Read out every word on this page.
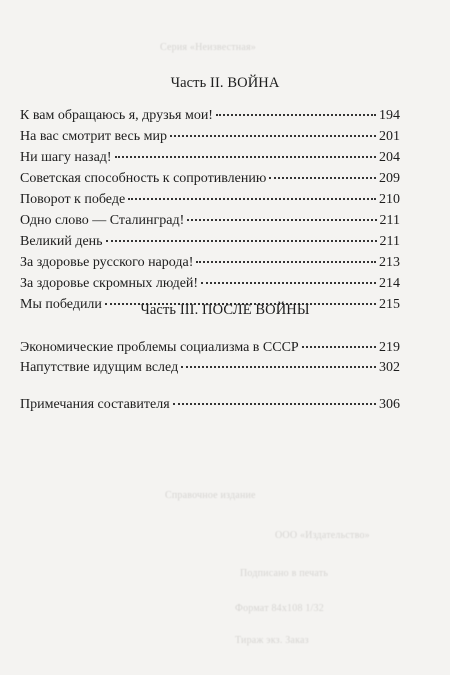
Серия «Неизвестная»
Справочное издание
ООО «Издательство»
Подписано в печать
Формат 84х108 1/32
Тираж экз. Заказ
Часть II. ВОЙНА
К вам обращаюсь я, друзья мои!	194
На вас смотрит весь мир	201
Ни шагу назад!	204
Советская способность к сопротивлению	209
Поворот к победе	210
Одно слово — Сталинград!	211
Великий день	211
За здоровье русского народа!	213
За здоровье скромных людей!	214
Мы победили	215
Часть III. ПОСЛЕ ВОЙНЫ
Экономические проблемы социализма в СССР	219
Напутствие идущим вслед	302
Примечания составителя	306
